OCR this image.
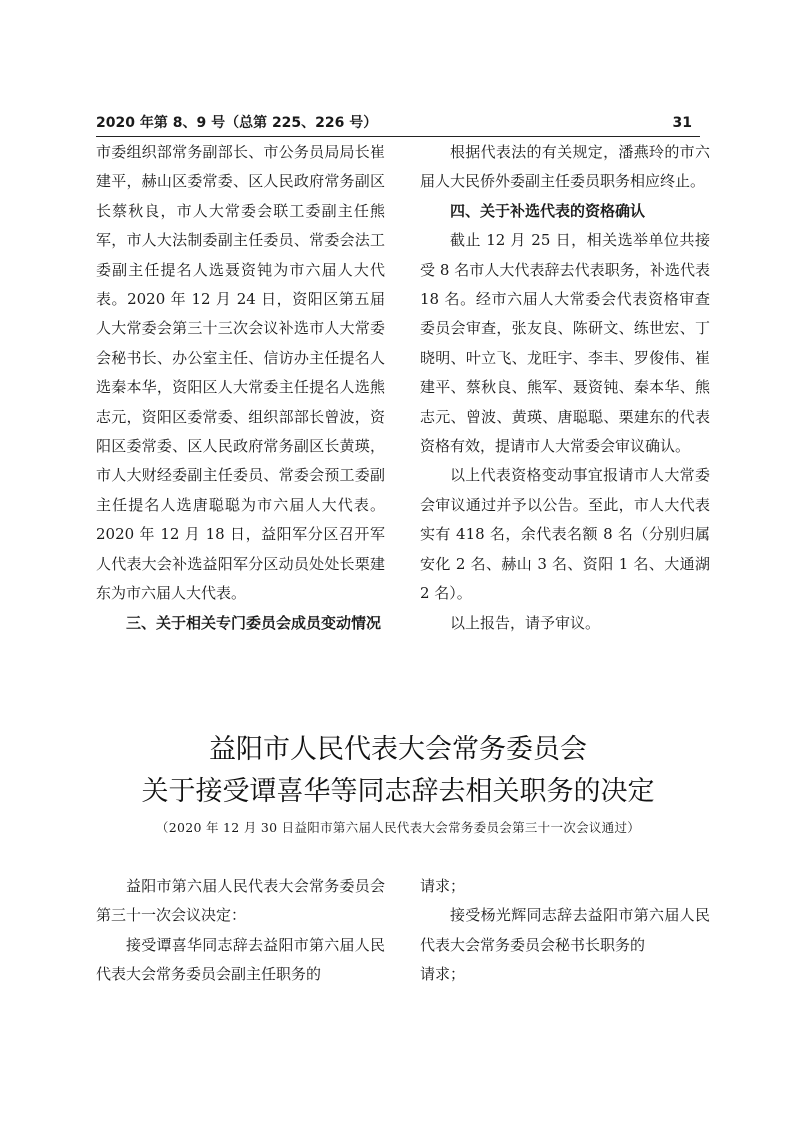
2020 年第 8、9 号（总第 225、226 号）	31

市委组织部常务副部长、市公务员局局长崔建平，赫山区委常委、区人民政府常务副区长蔡秋良，市人大常委会联工委副主任熊军，市人大法制委副主任委员、常委会法工委副主任提名人选聂资钝为市六届人大代表。2020 年 12 月 24 日，资阳区第五届人大常委会第三十三次会议补选市人大常委会秘书长、办公室主任、信访办主任提名人选秦本华，资阳区人大常委主任提名人选熊志元，资阳区委常委、组织部部长曾波，资阳区委常委、区人民政府常务副区长黄瑛，市人大财经委副主任委员、常委会预工委副主任提名人选唐聪聪为市六届人大代表。2020 年 12 月 18 日，益阳军分区召开军人代表大会补选益阳军分区动员处处长栗建东为市六届人大代表。

三、关于相关专门委员会成员变动情况

根据代表法的有关规定，潘燕玲的市六届人大民侨外委副主任委员职务相应终止。

四、关于补选代表的资格确认

截止 12 月 25 日，相关选举单位共接受 8 名市人大代表辞去代表职务，补选代表 18 名。经市六届人大常委会代表资格审查委员会审查，张友良、陈研文、练世宏、丁晓明、叶立飞、龙旺宇、李丰、罗俊伟、崔建平、蔡秋良、熊军、聂资钝、秦本华、熊志元、曾波、黄瑛、唐聪聪、栗建东的代表资格有效，提请市人大常委会审议确认。

以上代表资格变动事宜报请市人大常委会审议通过并予以公告。至此，市人大代表实有 418 名，余代表名额 8 名（分别归属安化 2 名、赫山 3 名、资阳 1 名、大通湖 2 名）。

以上报告，请予审议。

益阳市人民代表大会常务委员会
关于接受谭喜华等同志辞去相关职务的决定
（2020 年 12 月 30 日益阳市第六届人民代表大会常务委员会第三十一次会议通过）

益阳市第六届人民代表大会常务委员会第三十一次会议决定：

接受谭喜华同志辞去益阳市第六届人民代表大会常务委员会副主任职务的

请求；

接受杨光辉同志辞去益阳市第六届人民代表大会常务委员会秘书长职务的

请求；
